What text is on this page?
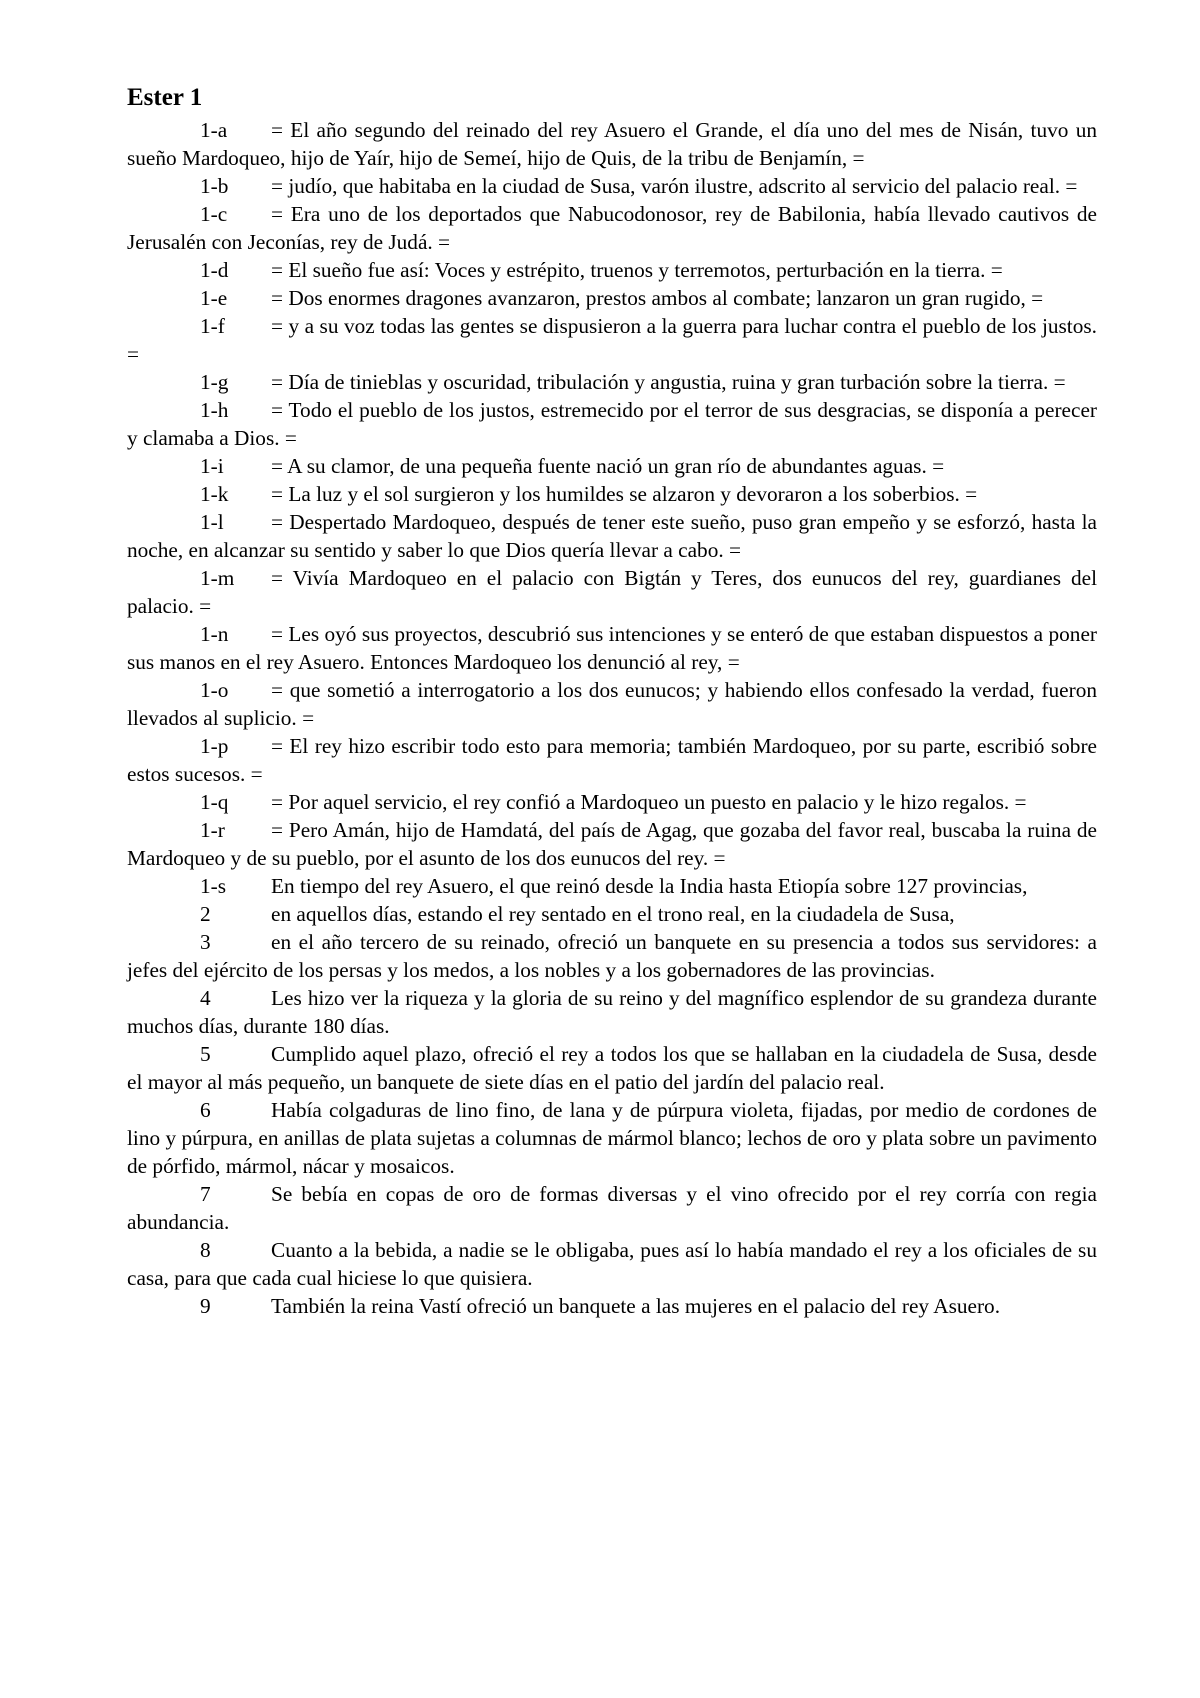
Ester 1

1-a = El año segundo del reinado del rey Asuero el Grande, el día uno del mes de Nisán, tuvo un sueño Mardoqueo, hijo de Yaír, hijo de Semeí, hijo de Quis, de la tribu de Benjamín, =

1-b = judío, que habitaba en la ciudad de Susa, varón ilustre, adscrito al servicio del palacio real. =

1-c = Era uno de los deportados que Nabucodonosor, rey de Babilonia, había llevado cautivos de Jerusalén con Jeconías, rey de Judá. =

1-d = El sueño fue así: Voces y estrépito, truenos y terremotos, perturbación en la tierra. =

1-e = Dos enormes dragones avanzaron, prestos ambos al combate; lanzaron un gran rugido, =

1-f = y a su voz todas las gentes se dispusieron a la guerra para luchar contra el pueblo de los justos. =

1-g = Día de tinieblas y oscuridad, tribulación y angustia, ruina y gran turbación sobre la tierra. =

1-h = Todo el pueblo de los justos, estremecido por el terror de sus desgracias, se disponía a perecer y clamaba a Dios. =

1-i = A su clamor, de una pequeña fuente nació un gran río de abundantes aguas. =

1-k = La luz y el sol surgieron y los humildes se alzaron y devoraron a los soberbios. =

1-l = Despertado Mardoqueo, después de tener este sueño, puso gran empeño y se esforzó, hasta la noche, en alcanzar su sentido y saber lo que Dios quería llevar a cabo. =

1-m = Vivía Mardoqueo en el palacio con Bigtán y Teres, dos eunucos del rey, guardianes del palacio. =

1-n = Les oyó sus proyectos, descubrió sus intenciones y se enteró de que estaban dispuestos a poner sus manos en el rey Asuero. Entonces Mardoqueo los denunció al rey, =

1-o = que sometió a interrogatorio a los dos eunucos; y habiendo ellos confesado la verdad, fueron llevados al suplicio. =

1-p = El rey hizo escribir todo esto para memoria; también Mardoqueo, por su parte, escribió sobre estos sucesos. =

1-q = Por aquel servicio, el rey confió a Mardoqueo un puesto en palacio y le hizo regalos. =

1-r = Pero Amán, hijo de Hamdatá, del país de Agag, que gozaba del favor real, buscaba la ruina de Mardoqueo y de su pueblo, por el asunto de los dos eunucos del rey. =

1-s En tiempo del rey Asuero, el que reinó desde la India hasta Etiopía sobre 127 provincias,

2	en aquellos días, estando el rey sentado en el trono real, en la ciudadela de Susa,

3	en el año tercero de su reinado, ofreció un banquete en su presencia a todos sus servidores: a jefes del ejército de los persas y los medos, a los nobles y a los gobernadores de las provincias.

4	Les hizo ver la riqueza y la gloria de su reino y del magnífico esplendor de su grandeza durante muchos días, durante 180 días.

5	Cumplido aquel plazo, ofreció el rey a todos los que se hallaban en la ciudadela de Susa, desde el mayor al más pequeño, un banquete de siete días en el patio del jardín del palacio real.

6	Había colgaduras de lino fino, de lana y de púrpura violeta, fijadas, por medio de cordones de lino y púrpura, en anillas de plata sujetas a columnas de mármol blanco; lechos de oro y plata sobre un pavimento de pórfido, mármol, nácar y mosaicos.

7	Se bebía en copas de oro de formas diversas y el vino ofrecido por el rey corría con regia abundancia.

8	Cuanto a la bebida, a nadie se le obligaba, pues así lo había mandado el rey a los oficiales de su casa, para que cada cual hiciese lo que quisiera.

9	También la reina Vastí ofreció un banquete a las mujeres en el palacio del rey Asuero.
